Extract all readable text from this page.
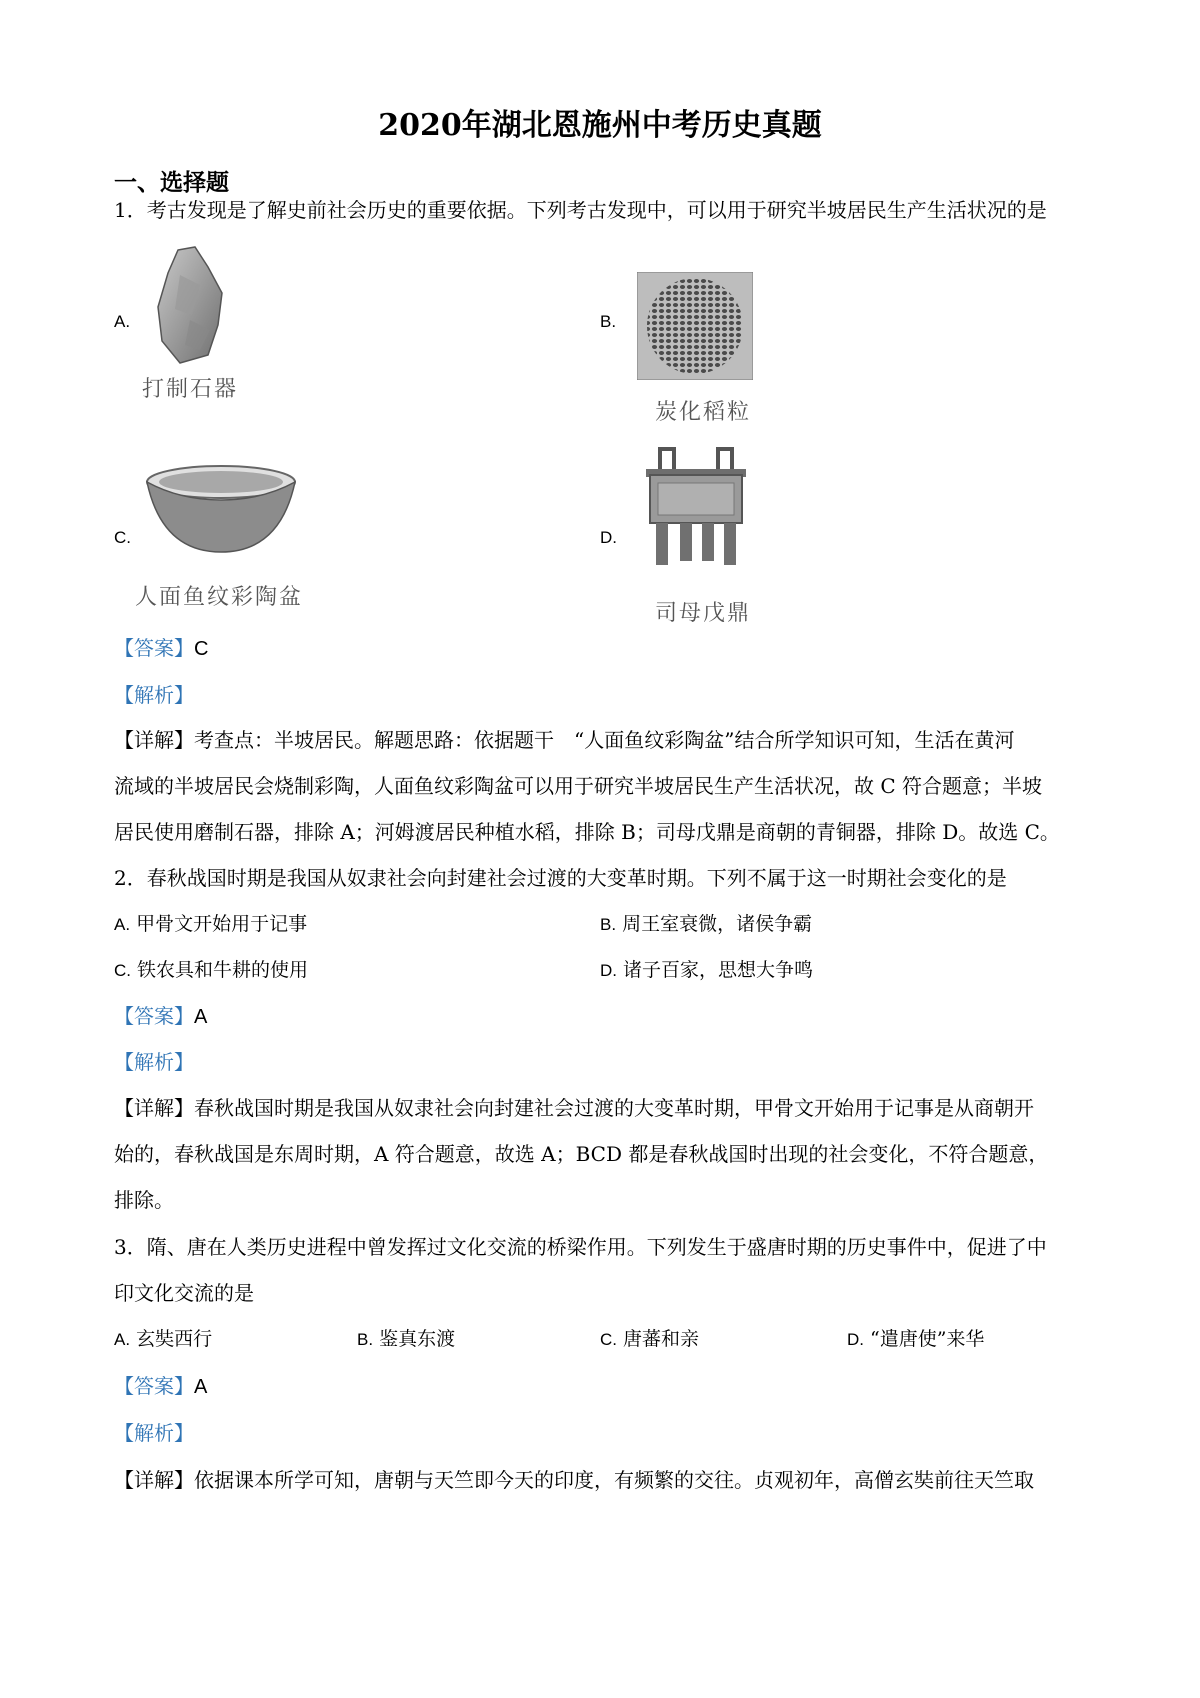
2020年湖北恩施州中考历史真题
一、选择题
1．考古发现是了解史前社会历史的重要依据。下列考古发现中，可以用于研究半坡居民生产生活状况的是
A.
打制石器
B.
炭化稻粒
C.
人面鱼纹彩陶盆
D.
司母戊鼎
【答案】C
【解析】
【详解】考查点：半坡居民。解题思路：依据题干　“人面鱼纹彩陶盆”结合所学知识可知，生活在黄河
流域的半坡居民会烧制彩陶，人面鱼纹彩陶盆可以用于研究半坡居民生产生活状况，故 C 符合题意；半坡
居民使用磨制石器，排除 A；河姆渡居民种植水稻，排除 B；司母戊鼎是商朝的青铜器，排除 D。故选 C。
2．春秋战国时期是我国从奴隶社会向封建社会过渡的大变革时期。下列不属于这一时期社会变化的是
A. 甲骨文开始用于记事	B. 周王室衰微，诸侯争霸
C. 铁农具和牛耕的使用	D. 诸子百家，思想大争鸣
【答案】A
【解析】
【详解】春秋战国时期是我国从奴隶社会向封建社会过渡的大变革时期，甲骨文开始用于记事是从商朝开
始的，春秋战国是东周时期，A 符合题意，故选 A；BCD 都是春秋战国时出现的社会变化，不符合题意，
排除。
3．隋、唐在人类历史进程中曾发挥过文化交流的桥梁作用。下列发生于盛唐时期的历史事件中，促进了中
印文化交流的是
A. 玄奘西行	B. 鉴真东渡	C. 唐蕃和亲	D. “遣唐使”来华
【答案】A
【解析】
【详解】依据课本所学可知，唐朝与天竺即今天的印度，有频繁的交往。贞观初年，高僧玄奘前往天竺取
